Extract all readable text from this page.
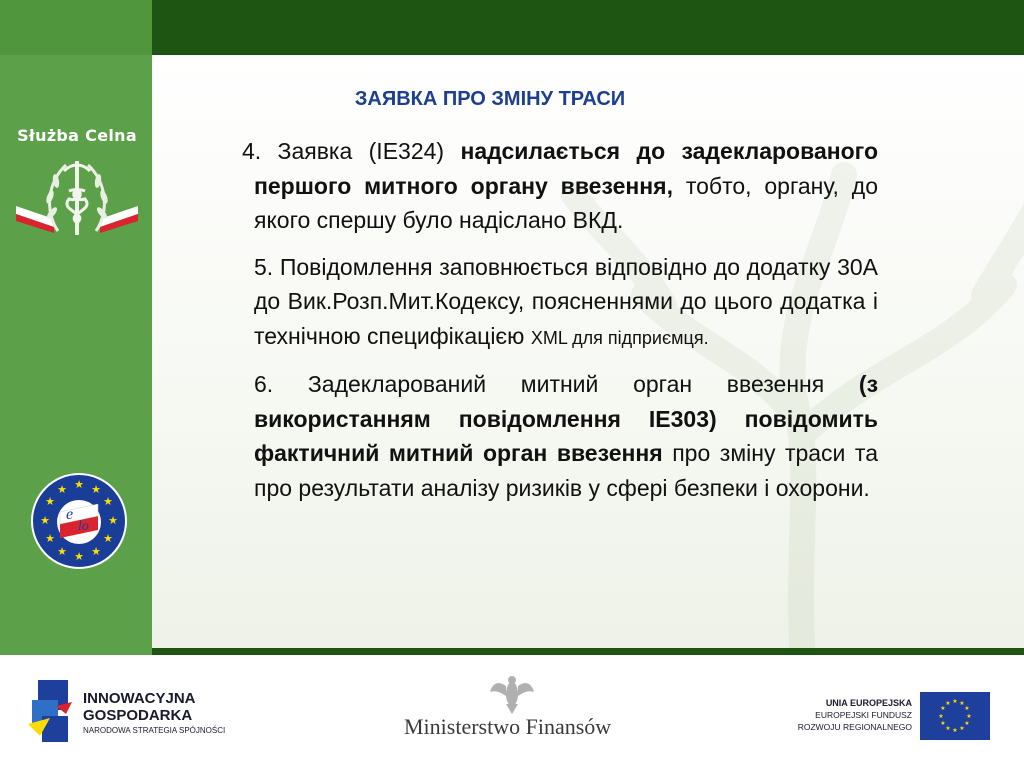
Służba Celna
★ ★
★
★
★
★
★
★
★
★
★
★
e
lo
ЗАЯВКА ПРО ЗМІНУ ТРАСИ

4. Заявка (IE324) надсилається до задекларованого першого митного органу ввезення, тобто, органу, до якого спершу було надіслано ВКД.

5. Повідомлення заповнюється відповідно до додатку 30А до Вик.Розп.Мит.Кодексу, поясненнями до цього додатка і технічною специфікацією XML для підприємця.

6. Задекларований митний орган ввезення (з використанням повідомлення IE303) повідомить фактичний митний орган ввезення про зміну траси та про результати аналізу ризиків у сфері безпеки і охорони.

INNOWACYJNA
GOSPODARKA
NARODOWA STRATEGIA SPÓJNOŚCI	Ministerstwo Finansów
UNIA EUROPEJSKA
EUROPEJSKI FUNDUSZ
ROZWOJU REGIONALNEGO
★ ★
★
★
★
★
★
★
★
★
★
★
